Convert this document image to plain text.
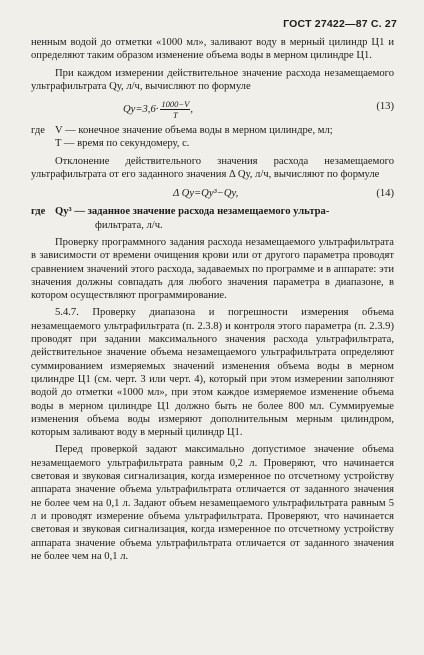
ГОСТ 27422—87 С. 27

ненным водой до отметки «1000 мл», заливают воду в мерный цилиндр Ц1 и определяют таким образом изменение объема воды в мерном цилиндре Ц1.

При каждом измерении действительное значение расхода незамещаемого ультрафильтрата Qу, л/ч, вычисляют по формуле

$Qу=3,6\cdot \frac{1000-V}{T}$ ,	(13)
где V — конечное значение объема воды в мерном цилиндре, мл;
T — время по секундомеру, с.

Отклонение действительного значения расхода незамещаемого ультрафильтрата от его заданного значения Δ Qу, л/ч, вычисляют по формуле

Δ Qу=Qу³−Qу,	(14)
где Qу³ — заданное значение расхода незамещаемого ультра-
фильтрата, л/ч.

Проверку программного задания расхода незамещаемого ультрафильтрата в зависимости от времени очищения крови или от другого параметра проводят сравнением значений этого расхода, задаваемых по программе и в аппарате: эти значения должны совпадать для любого значения параметра в диапазоне, в котором осуществляют программирование.

5.4.7. Проверку диапазона и погрешности измерения объема незамещаемого ультрафильтрата (п. 2.3.8) и контроля этого параметра (п. 2.3.9) проводят при задании максимального значения расхода ультрафильтрата, действительное значение объема незамещаемого ультрафильтрата определяют суммированием измеряемых значений изменения объема воды в мерном цилиндре Ц1 (см. черт. 3 или черт. 4), который при этом измерении заполняют водой до отметки «1000 мл», при этом каждое измеряемое изменение объема воды в мерном цилиндре Ц1 должно быть не более 800 мл. Суммируемые изменения объема воды измеряют дополнительным мерным цилиндром, которым заливают воду в мерный цилиндр Ц1.

Перед проверкой задают максимально допустимое значение объема незамещаемого ультрафильтрата равным 0,2 л. Проверяют, что начинается световая и звуковая сигнализация, когда измеренное по отсчетному устройству аппарата значение объема ультрафильтрата отличается от заданного значения не более чем на 0,1 л. Задают объем незамещаемого ультрафильтрата равным 5 л и проводят измерение объема ультрафильтрата. Проверяют, что начинается световая и звуковая сигнализация, когда измеренное по отсчетному устройству аппарата значение объема ультрафильтрата отличается от заданного значения не более чем на 0,1 л.
